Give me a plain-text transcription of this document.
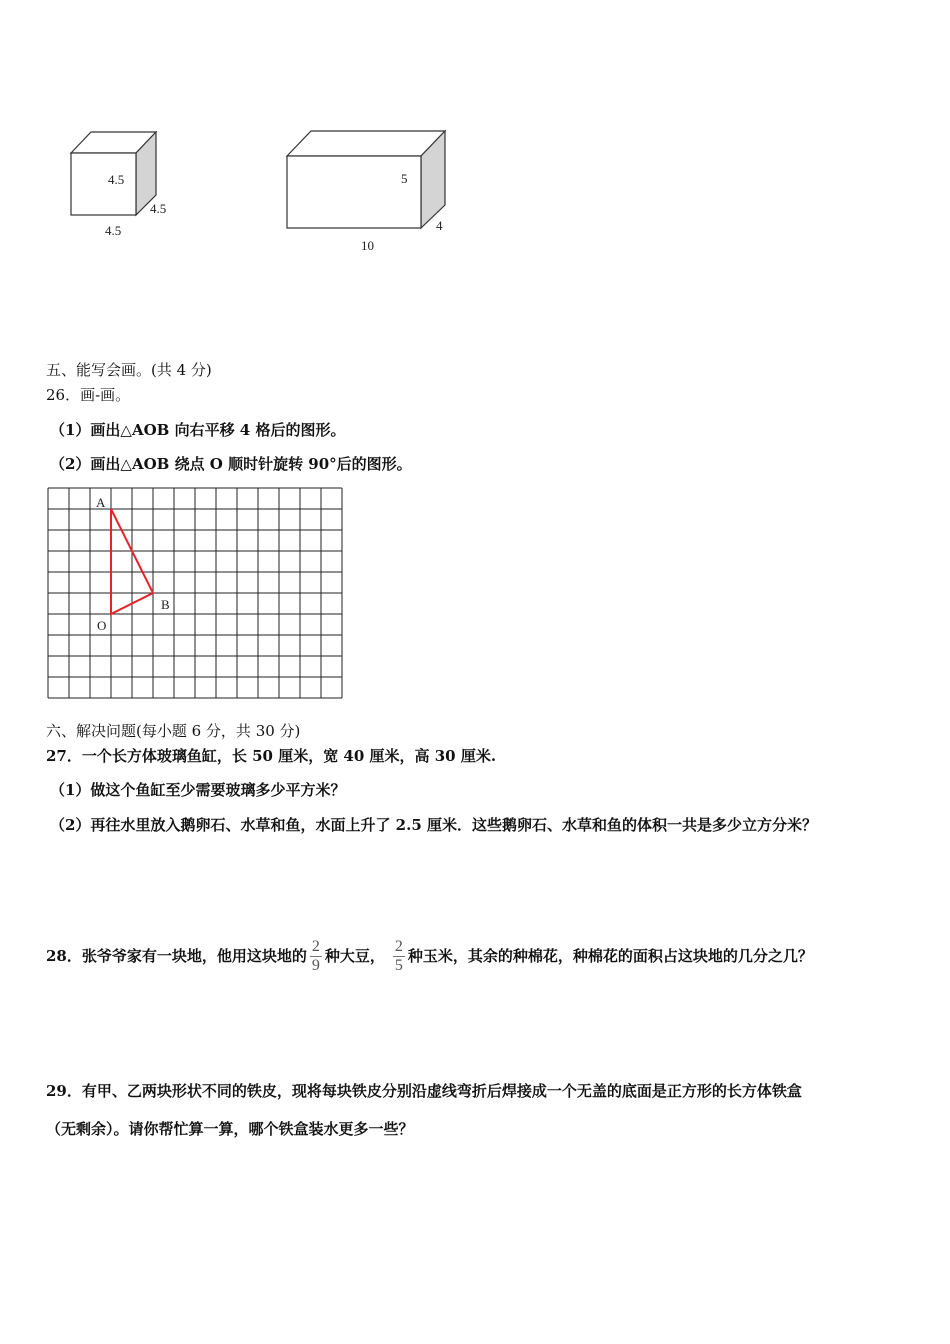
4.5
4.5
4.5
5
4
10
五、能写会画。(共 4 分)
26．画-画。
（1）画出△AOB 向右平移 4 格后的图形。
（2）画出△AOB 绕点 O 顺时针旋转 90°后的图形。
A
B
O
六、解决问题(每小题 6 分，共 30 分)
27．一个长方体玻璃鱼缸，长 50 厘米，宽 40 厘米，高 30 厘米.
（1）做这个鱼缸至少需要玻璃多少平方米？
（2）再往水里放入鹅卵石、水草和鱼，水面上升了 2.5 厘米．这些鹅卵石、水草和鱼的体积一共是多少立方分米？
28．张爷爷家有一块地，他用这块地的 $\frac{2}{9}$ 种大豆， $\frac{2}{5}$ 种玉米，其余的种棉花，种棉花的面积占这块地的几分之几？
29．有甲、乙两块形状不同的铁皮，现将每块铁皮分别沿虚线弯折后焊接成一个无盖的底面是正方形的长方体铁盒
（无剩余）。请你帮忙算一算，哪个铁盒装水更多一些？
